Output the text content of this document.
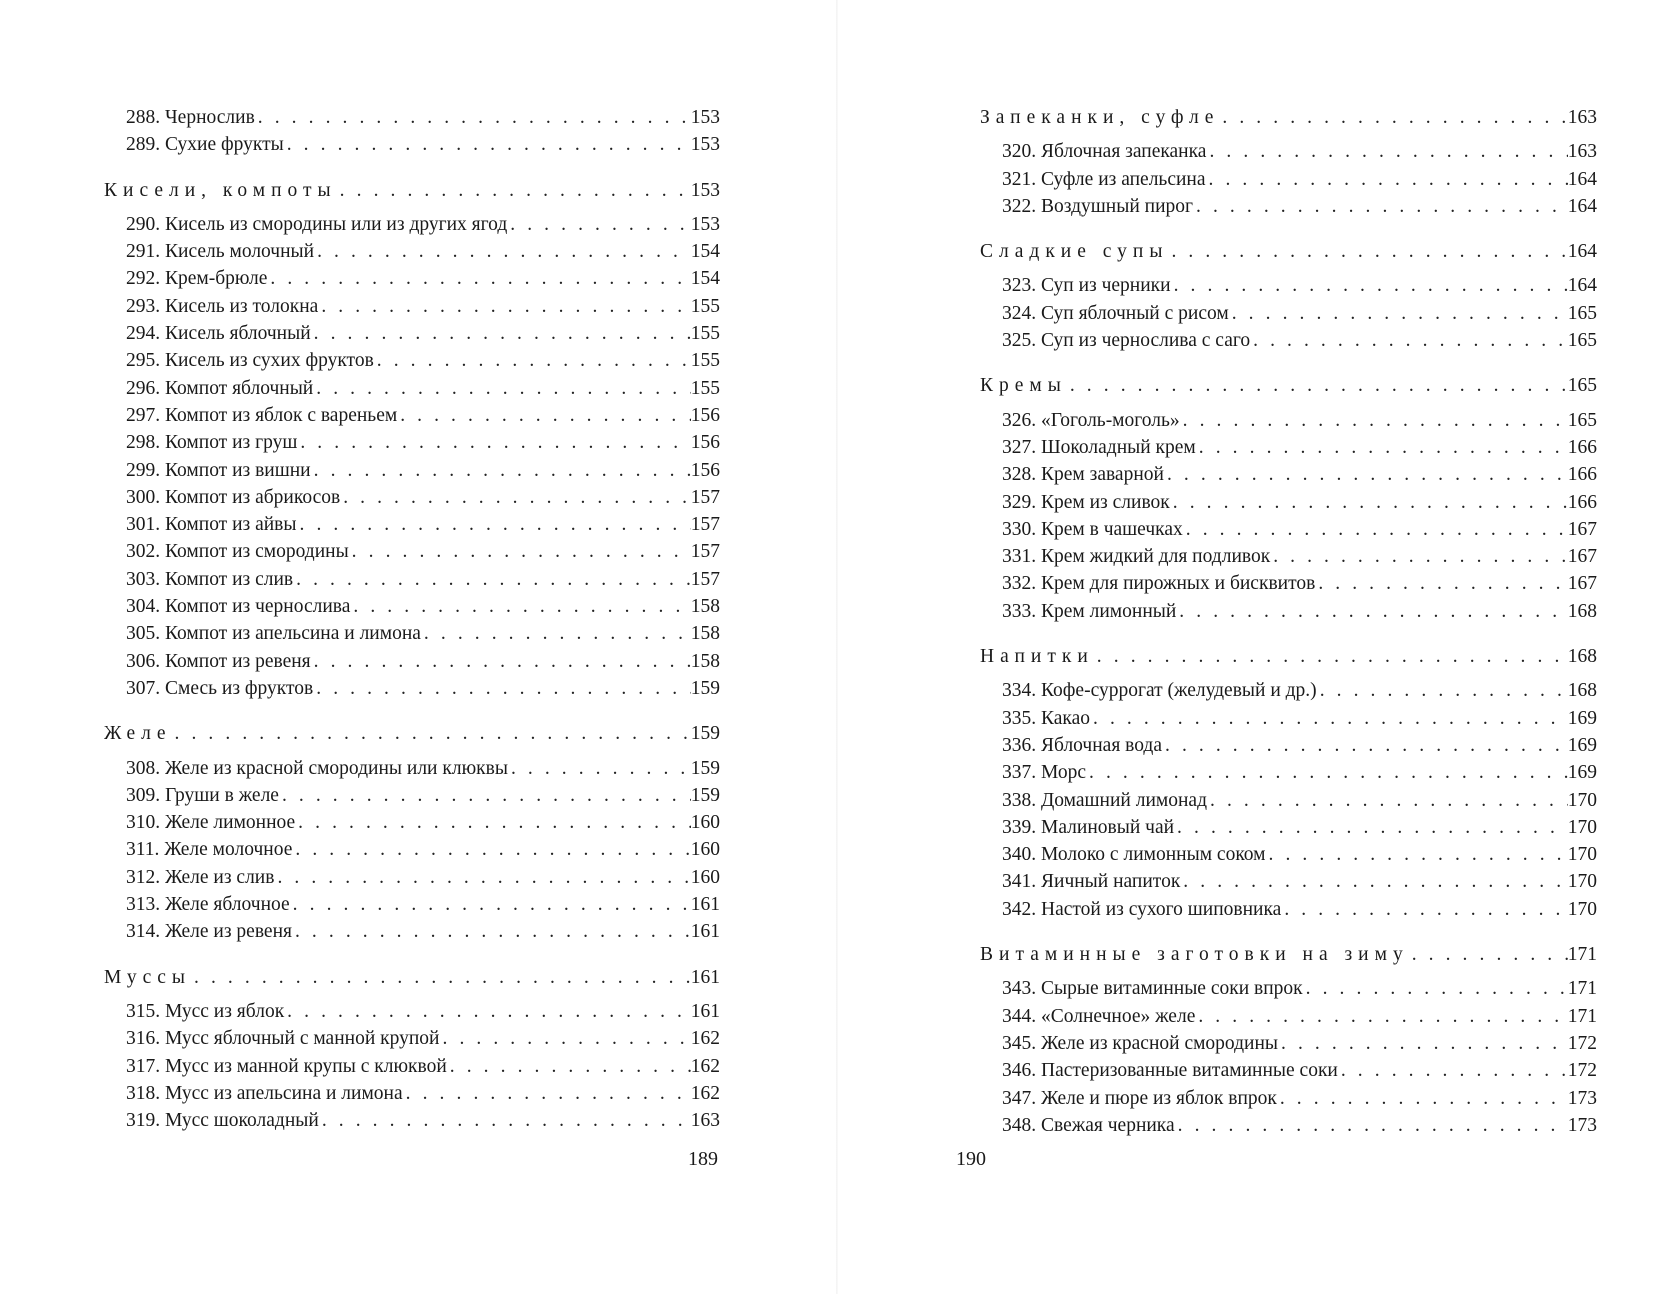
288. Чернослив . . .	153
289. Сухие фрукты . . .	153
Кисели, компоты . . .	153
290. Кисель из смородины или из других ягод . . .	153
291. Кисель молочный . . .	154
292. Крем-брюле . . .	154
293. Кисель из толокна . . .	155
294. Кисель яблочный . . .	155
295. Кисель из сухих фруктов . . .	155
296. Компот яблочный . . .	155
297. Компот из яблок с вареньем . . .	156
298. Компот из груш . . .	156
299. Компот из вишни . . .	156
300. Компот из абрикосов . . .	157
301. Компот из айвы . . .	157
302. Компот из смородины . . .	157
303. Компот из слив . . .	157
304. Компот из чернослива . . .	158
305. Компот из апельсина и лимона . . .	158
306. Компот из ревеня . . .	158
307. Смесь из фруктов . . .	159
Желе . . .	159
308. Желе из красной смородины или клюквы . . .	159
309. Груши в желе . . .	159
310. Желе лимонное . . .	160
311. Желе молочное . . .	160
312. Желе из слив . . .	160
313. Желе яблочное . . .	161
314. Желе из ревеня . . .	161
Муссы . . .	161
315. Мусс из яблок . . .	161
316. Мусс яблочный с манной крупой . . .	162
317. Мусс из манной крупы с клюквой . . .	162
318. Мусс из апельсина и лимона . . .	162
319. Мусс шоколадный . . .	163
Запеканки, суфле . . .	163
320. Яблочная запеканка . . .	163
321. Суфле из апельсина . . .	164
322. Воздушный пирог . . .	164
Сладкие супы . . .	164
323. Суп из черники . . .	164
324. Суп яблочный с рисом . . .	165
325. Суп из чернослива с саго . . .	165
Кремы . . .	165
326. «Гоголь-моголь» . . .	165
327. Шоколадный крем . . .	166
328. Крем заварной . . .	166
329. Крем из сливок . . .	166
330. Крем в чашечках . . .	167
331. Крем жидкий для подливок . . .	167
332. Крем для пирожных и бисквитов . . .	167
333. Крем лимонный . . .	168
Напитки . . .	168
334. Кофе-суррогат (желудевый и др.) . . .	168
335. Какао . . .	169
336. Яблочная вода . . .	169
337. Морс . . .	169
338. Домашний лимонад . . .	170
339. Малиновый чай . . .	170
340. Молоко с лимонным соком . . .	170
341. Яичный напиток . . .	170
342. Настой из сухого шиповника . . .	170
Витаминные заготовки на зиму . . .	171
343. Сырые витаминные соки впрок . . .	171
344. «Солнечное» желе . . .	171
345. Желе из красной смородины . . .	172
346. Пастеризованные витаминные соки . . .	172
347. Желе и пюре из яблок впрок . . .	173
348. Свежая черника . . .	173
189	190
